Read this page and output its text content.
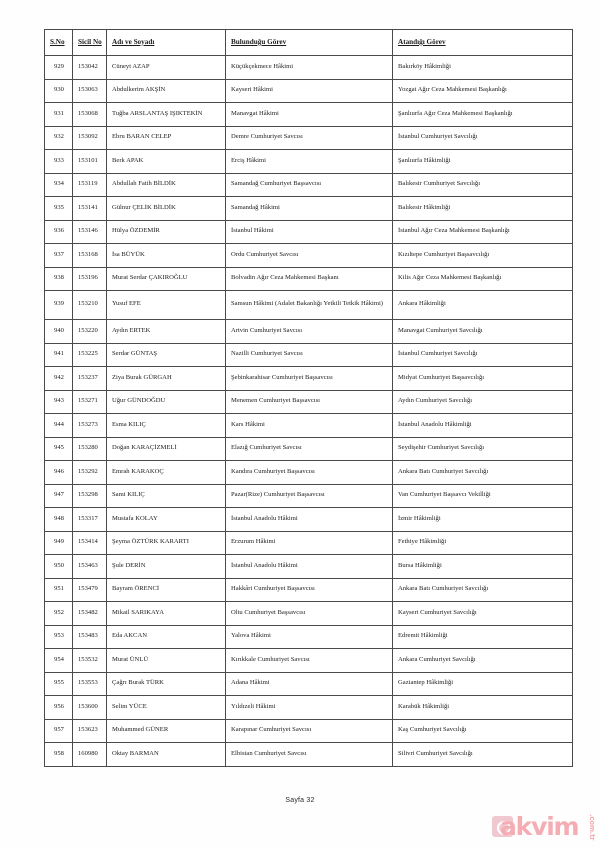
S.No	Sicil No	Adı ve Soyadı	Bulunduğu Görev	Atandığı Görev
929	153042	Cüneyt AZAP	Küçükçekmece Hâkimi	Bakırköy Hâkimliği
930	153063	Abdulkerim AKŞİN	Kayseri Hâkimi	Yozgat Ağır Ceza Mahkemesi Başkanlığı
931	153068	Tuğba ARSLANTAŞ IŞIKTEKİN	Manavgat Hâkimi	Şanlıurfa Ağır Ceza Mahkemesi Başkanlığı
932	153092	Ebru BARAN CELEP	Demre Cumhuriyet Savcısı	İstanbul Cumhuriyet Savcılığı
933	153101	Berk APAK	Erciş Hâkimi	Şanlıurfa Hâkimliği
934	153119	Abdullah Fatih BİLDİK	Samandağ Cumhuriyet Başsavcısı	Balıkesir Cumhuriyet Savcılığı
935	153141	Gülnur ÇELİK BİLDİK	Samandağ Hâkimi	Balıkesir Hâkimliği
936	153146	Hülya ÖZDEMİR	İstanbul Hâkimi	İstanbul Ağır Ceza Mahkemesi Başkanlığı
937	153168	İsa BÜYÜK	Ordu Cumhuriyet Savcısı	Kızıltepe Cumhuriyet Başsavcılığı
938	153196	Murat Serdar ÇAKIROĞLU	Bolvadin Ağır Ceza Mahkemesi Başkanı	Kilis Ağır Ceza Mahkemesi Başkanlığı
939	153210	Yusuf EFE	Samsun Hâkimi (Adalet Bakanlığı Yetkili Tetkik Hâkimi)	Ankara Hâkimliği
940	153220	Aydın ERTEK	Artvin Cumhuriyet Savcısı	Manavgat Cumhuriyet Savcılığı
941	153225	Serdar GÜNTAŞ	Nazilli Cumhuriyet Savcısı	İstanbul Cumhuriyet Savcılığı
942	153237	Ziya Burak GÜRGAH	Şebinkarahisar Cumhuriyet Başsavcısı	Midyat Cumhuriyet Başsavcılığı
943	153271	Uğur GÜNDOĞDU	Menemen Cumhuriyet Başsavcısı	Aydın Cumhuriyet Savcılığı
944	153273	Esma KILIÇ	Kars Hâkimi	İstanbul Anadolu Hâkimliği
945	153280	Doğan KARAÇİZMELİ	Elazığ Cumhuriyet Savcısı	Seydişehir Cumhuriyet Savcılığı
946	153292	Emrah KARAKOÇ	Kandıra Cumhuriyet Başsavcısı	Ankara Batı Cumhuriyet Savcılığı
947	153298	Sami KILIÇ	Pazar(Rize) Cumhuriyet Başsavcısı	Van Cumhuriyet Başsavcı Vekilliği
948	153317	Mustafa KOLAY	İstanbul Anadolu Hâkimi	İzmir Hâkimliği
949	153414	Şeyma ÖZTÜRK KARARTI	Erzurum Hâkimi	Fethiye Hâkimliği
950	153463	Şule DERİN	İstanbul Anadolu Hâkimi	Bursa Hâkimliği
951	153479	Bayram ÖRENCİ	Hakkâri Cumhuriyet Başsavcısı	Ankara Batı Cumhuriyet Savcılığı
952	153482	Mikail SARIKAYA	Oltu Cumhuriyet Başsavcısı	Kayseri Cumhuriyet Savcılığı
953	153483	Eda AKCAN	Yalova Hâkimi	Edremit Hâkimliği
954	153532	Murat ÜNLÜ	Kırıkkale Cumhuriyet Savcısı	Ankara Cumhuriyet Savcılığı
955	153553	Çağrı Burak TÜRK	Adana Hâkimi	Gaziantep Hâkimliği
956	153600	Selim YÜCE	Yıldızeli Hâkimi	Karabük Hâkimliği
957	153623	Muhammed GÜNER	Karapınar Cumhuriyet Savcısı	Kaş Cumhuriyet Savcılığı
958	160980	Oktay BARMAN	Elbistan Cumhuriyet Savcısı	Silivri Cumhuriyet Savcılığı
Sayfa 32
akvim .com.tr
